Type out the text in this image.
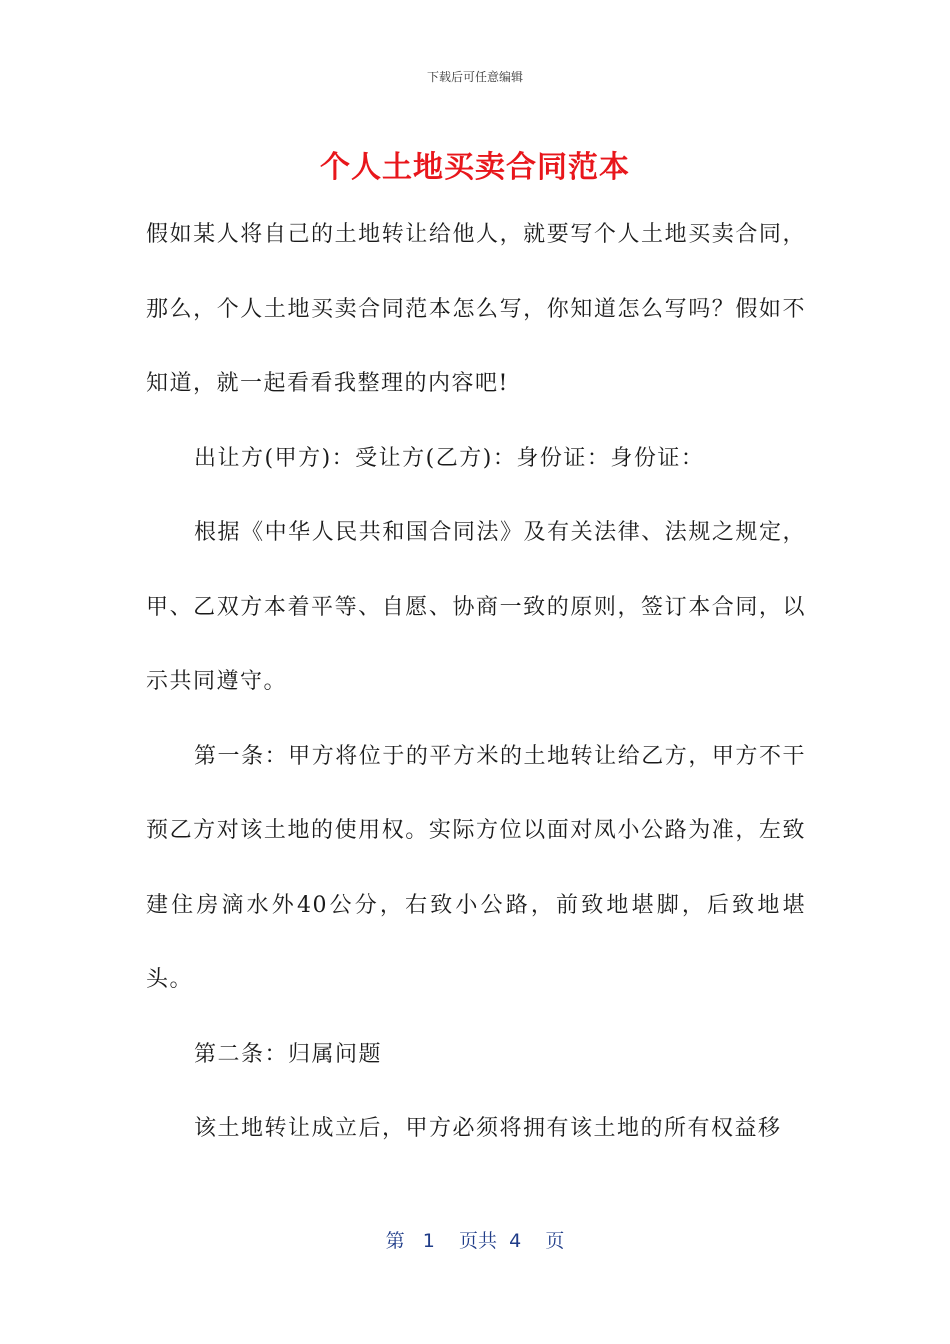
下载后可任意编辑
个人土地买卖合同范本

假如某人将自己的土地转让给他人，就要写个人土地买卖合同，那么，个人土地买卖合同范本怎么写，你知道怎么写吗？假如不知道，就一起看看我整理的内容吧!

出让方(甲方)：受让方(乙方)：身份证：身份证：

根据《中华人民共和国合同法》及有关法律、法规之规定，甲、乙双方本着平等、自愿、协商一致的原则，签订本合同，以示共同遵守。

第一条：甲方将位于的平方米的土地转让给乙方，甲方不干预乙方对该土地的使用权。实际方位以面对凤小公路为准，左致建住房滴水外40公分，右致小公路，前致地堪脚，后致地堪头。

第二条：归属问题

该土地转让成立后，甲方必须将拥有该土地的所有权益移

第 1 页共 4 页
